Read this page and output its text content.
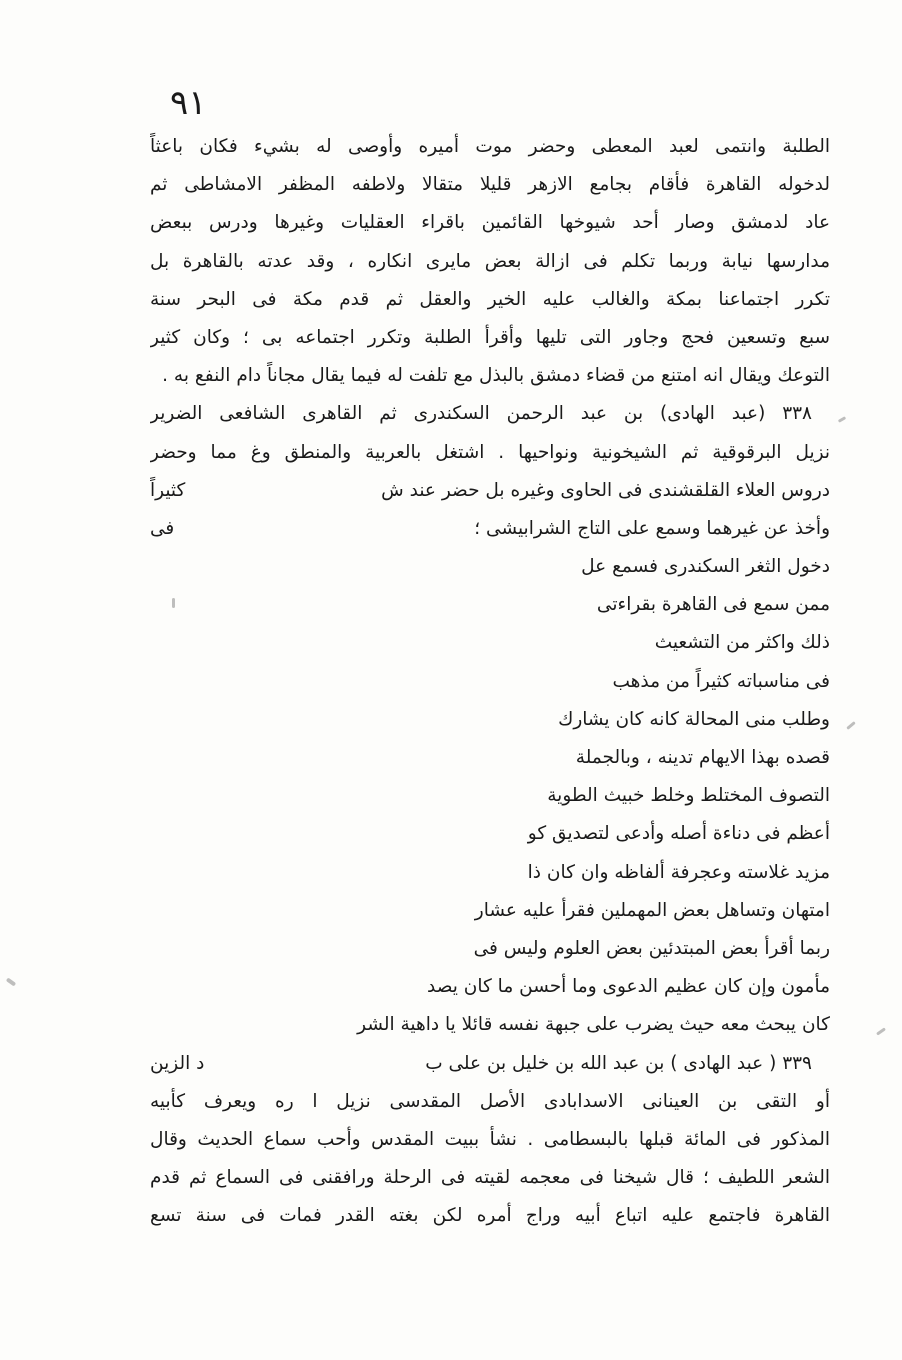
٩١
الطلبة وانتمى لعبد المعطى وحضر موت أميره وأوصى له بشيء فكان باعثاً
لدخوله القاهرة فأقام بجامع الازهر قليلا متقالا ولاطفه المظفر الامشاطى ثم
عاد لدمشق وصار أحد شيوخها القائمين باقراء العقليات وغيرها ودرس ببعض
مدارسها نيابة وربما تكلم فى ازالة بعض مايرى انكاره ، وقد عدته بالقاهرة بل
تكرر اجتماعنا بمكة والغالب عليه الخير والعقل ثم قدم مكة فى البحر سنة
سبع وتسعين فحج وجاور التى تليها وأقرأ الطلبة وتكرر اجتماعه بى ؛ وكان كثير
التوعك ويقال انه امتنع من قضاء دمشق بالبذل مع تلفت له فيما يقال مجاناً دام النفع به .
٣٣٨ (عبد الهادى) بن عبد الرحمن السكندرى ثم القاهرى الشافعى الضرير
نزيل البرقوقية ثم الشيخونية ونواحيها . اشتغل بالعربية والمنطق وغ مما وحضر
دروس العلاء القلقشندى فى الحاوى وغيره بل حضر عند ش
كثيراً
وأخذ عن غيرهما وسمع على التاج الشرابيشى ؛
فى
دخول الثغر السكندرى فسمع عل
ممن سمع فى القاهرة بقراءتى
ذلك واكثر من التشعيث
فى مناسباته كثيراً من مذهب
وطلب منى المحالة كانه كان يشارك
قصده بهذا الايهام تدينه ، وبالجملة
التصوف المختلط وخلط خبيث الطوية
أعظم فى دناءة أصله وأدعى لتصديق كو
مزيد غلاسته وعجرفة ألفاظه وان كان ذا
امتهان وتساهل بعض المهملين فقرأ عليه عشار
ربما أقرأ بعض المبتدئين بعض العلوم وليس فى
مأمون وإن كان عظيم الدعوى وما أحسن ما كان يصد
كان يبحث معه حيث يضرب على جبهة نفسه قائلا يا داهية الشر
٣٣٩ ( عبد الهادى ) بن عبد الله بن خليل بن على ب
د الزين
أو التقى بن العينانى الاسدابادى الأصل المقدسى نزيل ا ره ويعرف كأبيه
المذكور فى المائة قبلها بالبسطامى . نشأ ببيت المقدس وأحب سماع الحديث وقال
الشعر اللطيف ؛ قال شيخنا فى معجمه لقيته فى الرحلة ورافقنى فى السماع ثم قدم
القاهرة فاجتمع عليه اتباع أبيه وراج أمره لكن بغته القدر فمات فى سنة تسع
